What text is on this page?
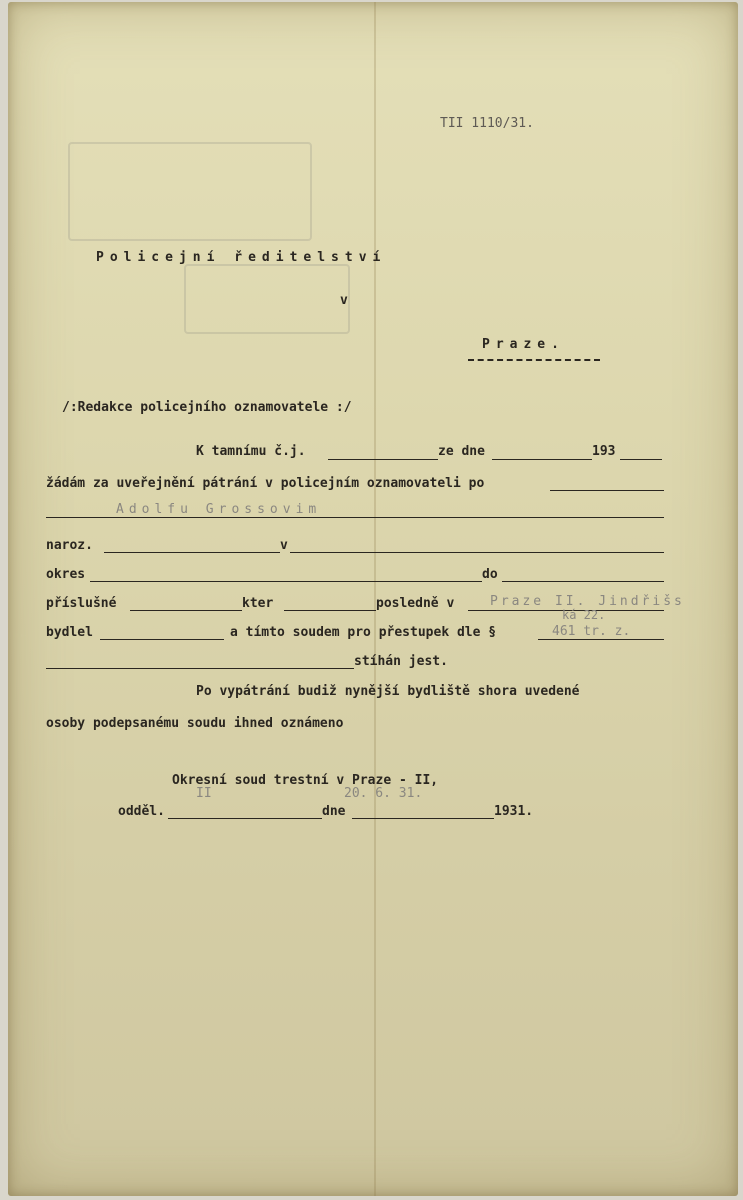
TII 1110/31.
Policejní ředitelství
v
Praze.
/:Redakce policejního oznamovatele :/
K tamnímu č.j.	ze dne	193
žádám za uveřejnění pátrání v policejním oznamovateli po
Adolfu Grossovim
naroz.	v
okres	do
příslušné	kter	posledně v	Praze II. Jindřišs
ká 22.
bydlel	a tímto soudem pro přestupek dle §	461 tr. z.
stíhán jest.
Po vypátrání budiž nynější bydliště shora uvedené
osoby podepsanému soudu ihned oznámeno
Okresní soud trestní v Praze - II,
II	20. 6. 31.
odděl.	dne	1931.
